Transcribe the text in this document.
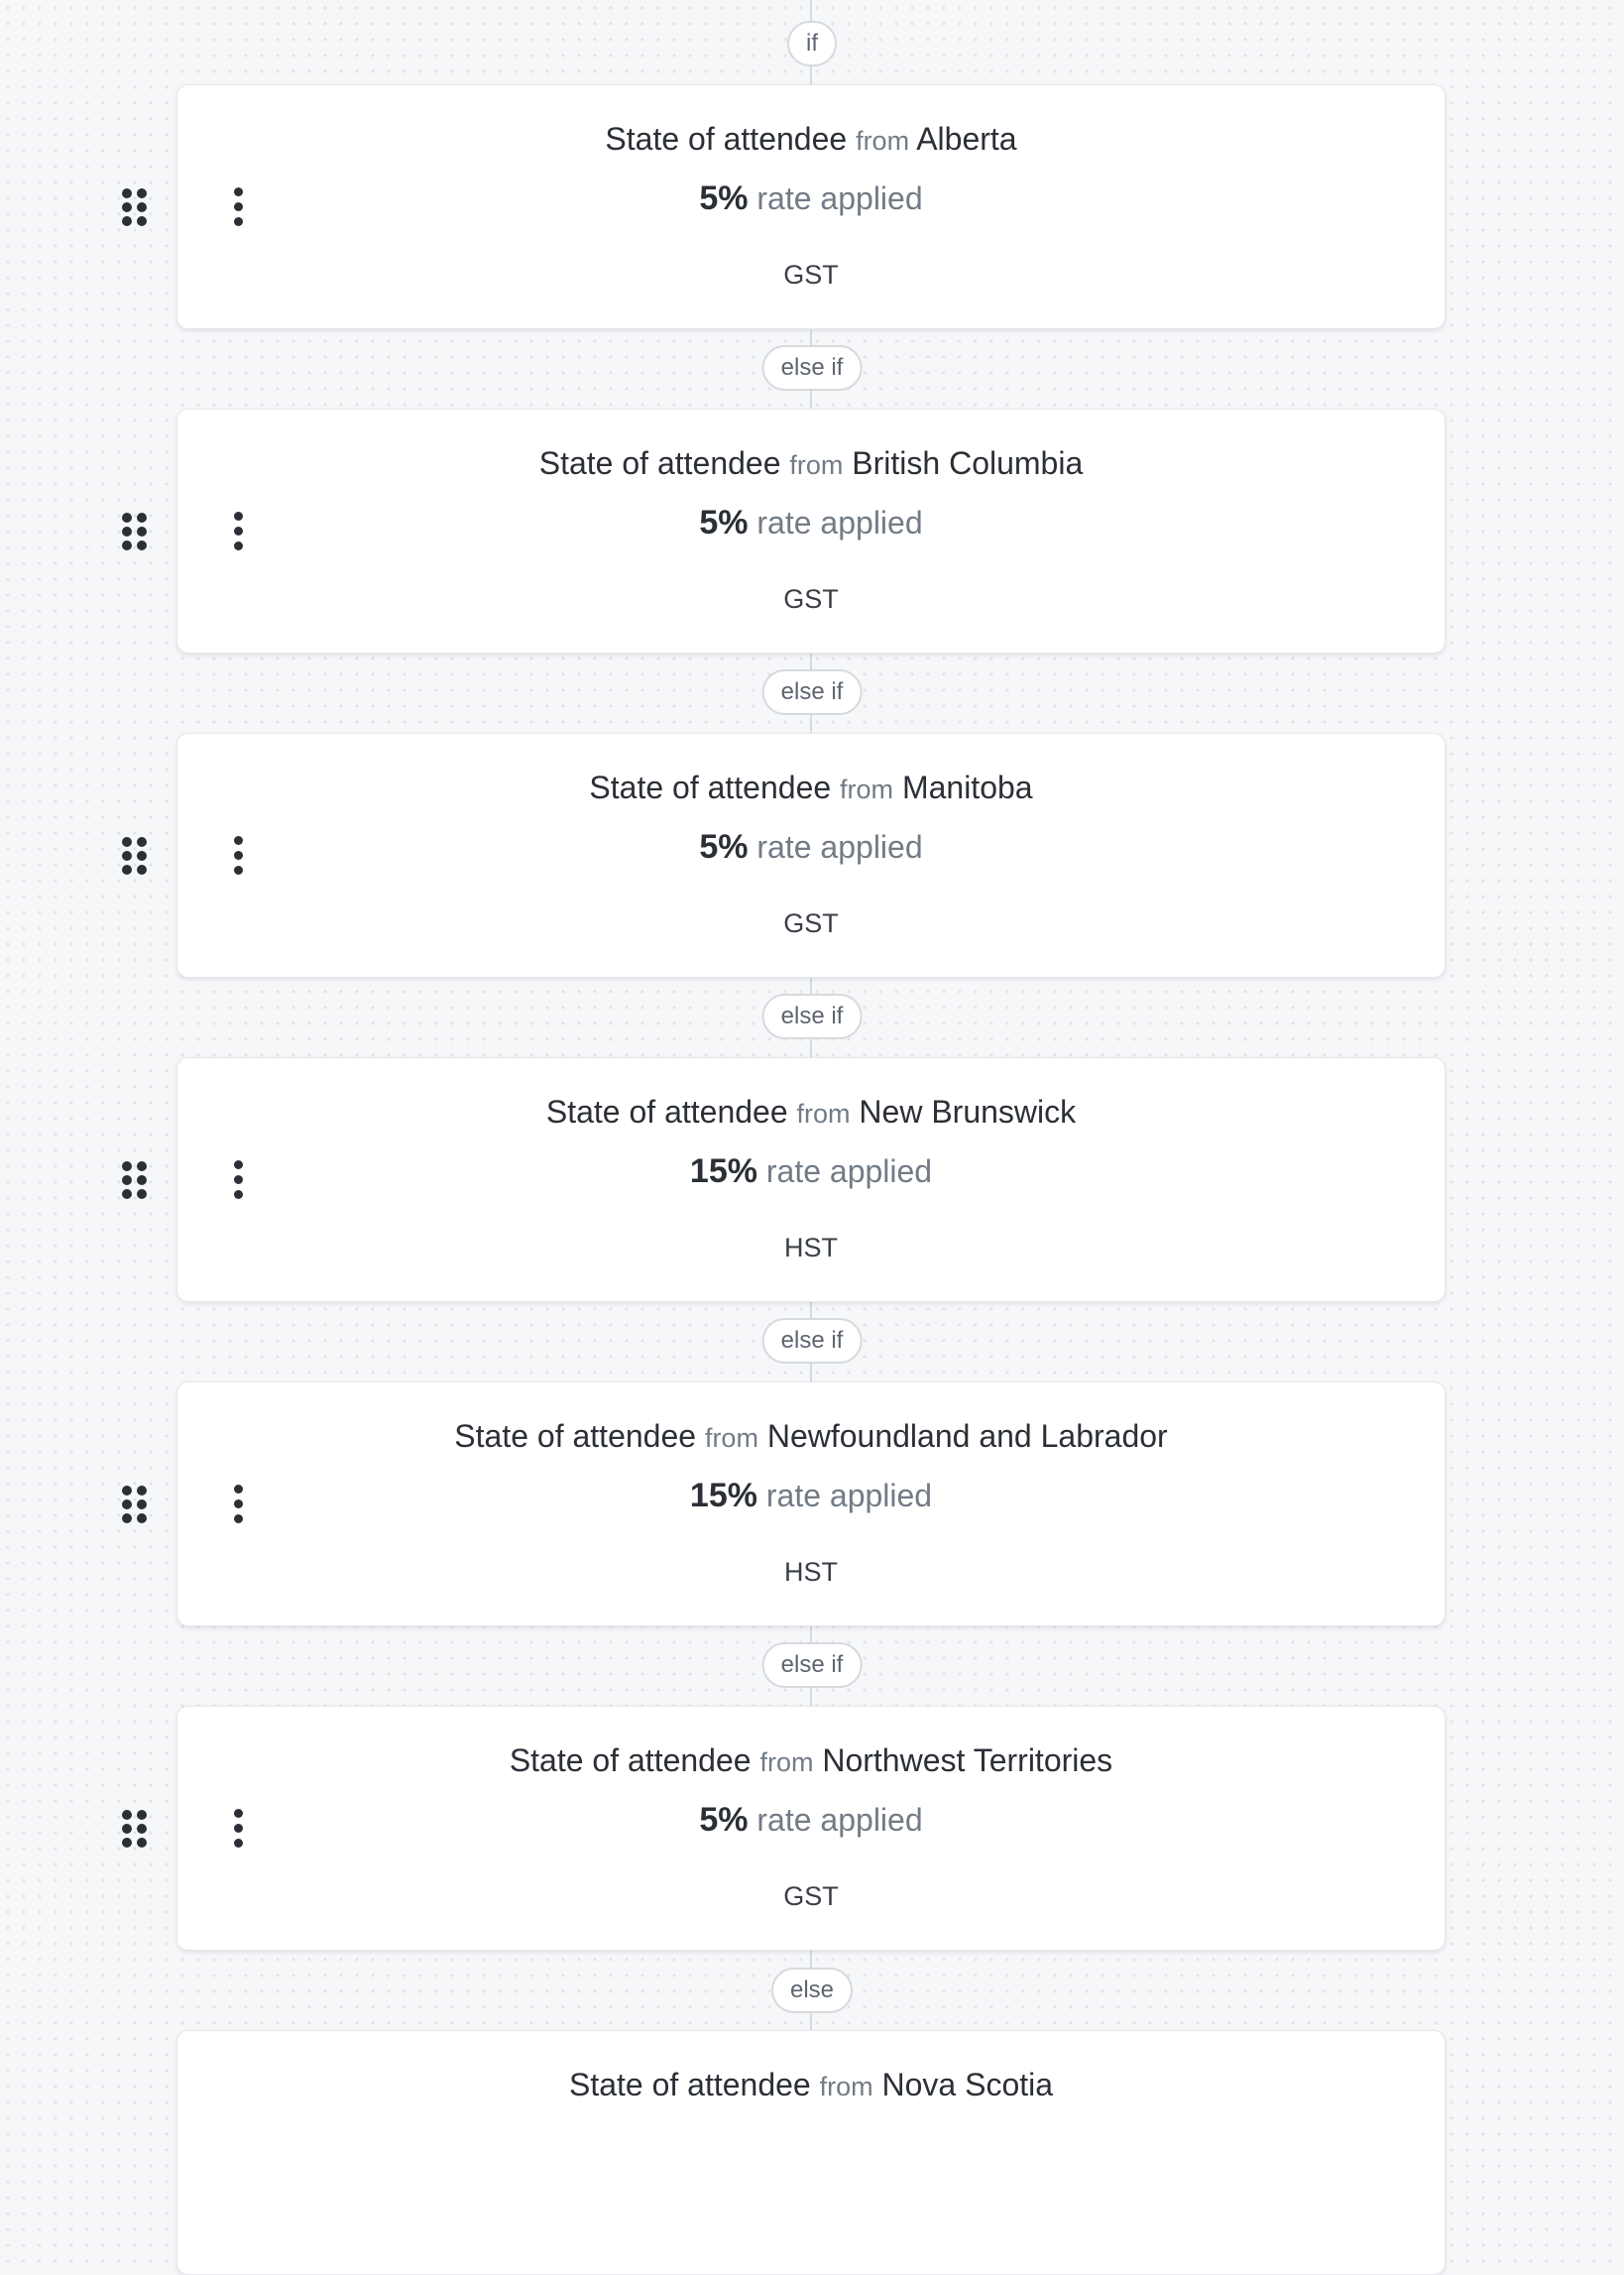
if
else if
else if
else if
else if
else if
else
State of attendee from Alberta
5% rate applied
GST
State of attendee from British Columbia
5% rate applied
GST
State of attendee from Manitoba
5% rate applied
GST
State of attendee from New Brunswick
15% rate applied
HST
State of attendee from Newfoundland and Labrador
15% rate applied
HST
State of attendee from Northwest Territories
5% rate applied
GST
State of attendee from Nova Scotia
